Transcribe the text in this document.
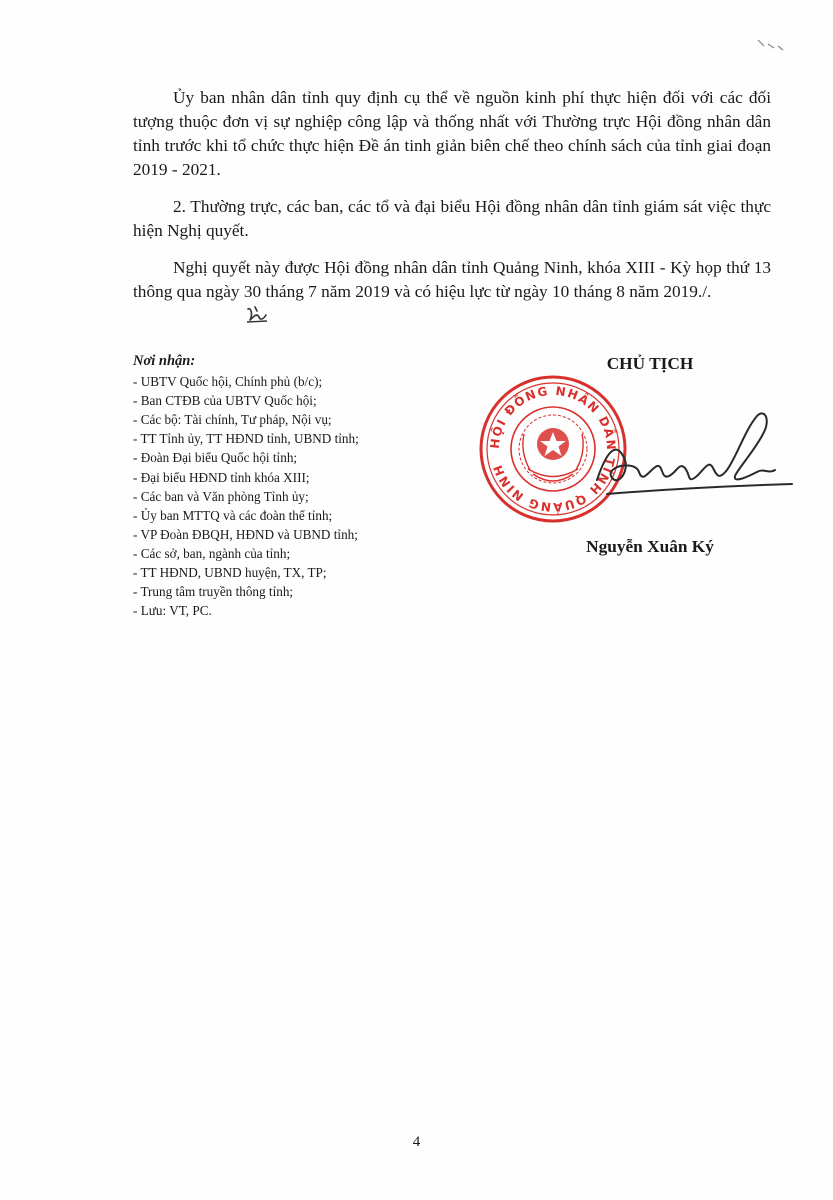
Ủy ban nhân dân tỉnh quy định cụ thể về nguồn kinh phí thực hiện đối với các đối tượng thuộc đơn vị sự nghiệp công lập và thống nhất với Thường trực Hội đồng nhân dân tỉnh trước khi tổ chức thực hiện Đề án tinh giản biên chế theo chính sách của tỉnh giai đoạn 2019 - 2021.

2. Thường trực, các ban, các tổ và đại biểu Hội đồng nhân dân tỉnh giám sát việc thực hiện Nghị quyết.

Nghị quyết này được Hội đồng nhân dân tỉnh Quảng Ninh, khóa XIII - Kỳ họp thứ 13 thông qua ngày 30 tháng 7 năm 2019 và có hiệu lực từ ngày 10 tháng 8 năm 2019./.

Nơi nhận:
- UBTV Quốc hội, Chính phủ (b/c);
- Ban CTĐB của UBTV Quốc hội;
- Các bộ: Tài chính, Tư pháp, Nội vụ;
- TT Tỉnh ủy, TT HĐND tỉnh, UBND tỉnh;
- Đoàn Đại biểu Quốc hội tỉnh;
- Đại biểu HĐND tỉnh khóa XIII;
- Các ban và Văn phòng Tỉnh ủy;
- Ủy ban MTTQ và các đoàn thể tỉnh;
- VP Đoàn ĐBQH, HĐND và UBND tỉnh;
- Các sở, ban, ngành của tỉnh;
- TT HĐND, UBND huyện, TX, TP;
- Trung tâm truyền thông tỉnh;
- Lưu: VT, PC.
CHỦ TỊCH
HỘI ĐỒNG NHÂN DÂN TỈNH QUẢNG NINH
Nguyễn Xuân Ký
4
